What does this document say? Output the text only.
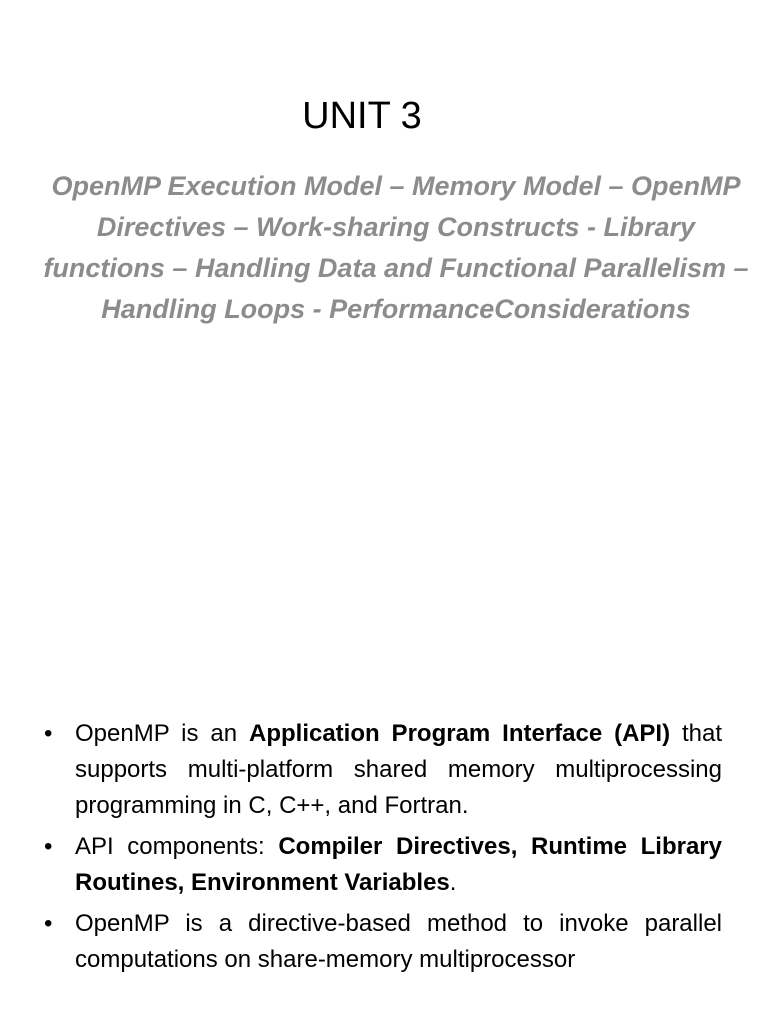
UNIT 3
OpenMP Execution Model – Memory Model – OpenMP Directives – Work-sharing Constructs - Library functions – Handling Data and Functional Parallelism – Handling Loops - PerformanceConsiderations
• OpenMP is an Application Program Interface (API) that supports multi-platform shared memory multiprocessing programming in C, C++, and Fortran.
• API components: Compiler Directives, Runtime Library Routines, Environment Variables.
• OpenMP is a directive-based method to invoke parallel computations on share-memory multiprocessor
